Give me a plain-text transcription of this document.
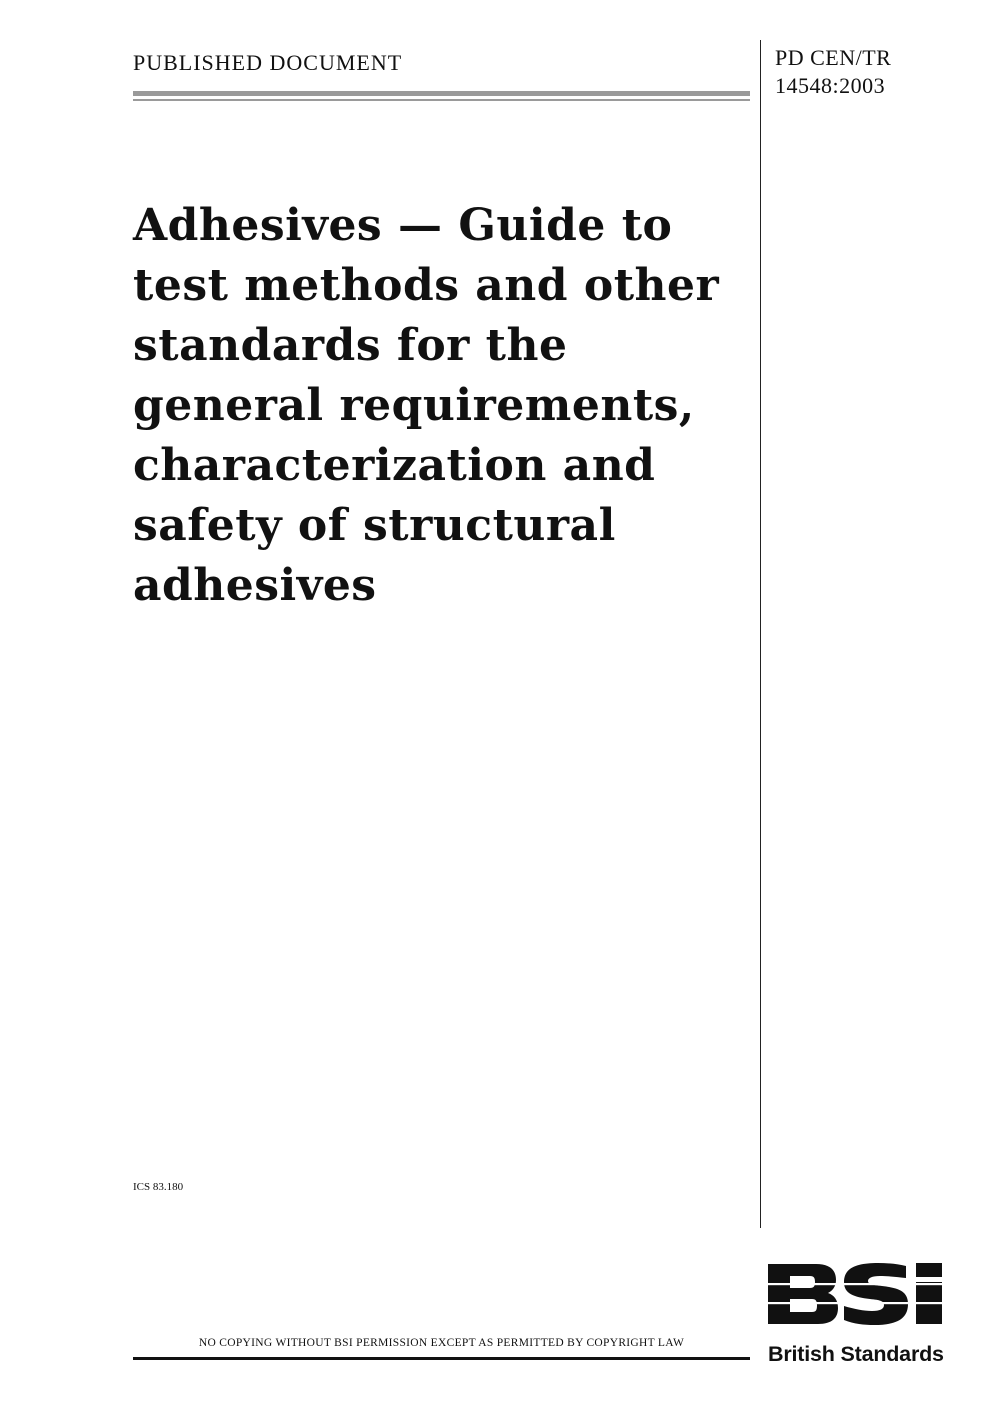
PUBLISHED DOCUMENT	PD CEN/TR
14548:2003
Adhesives — Guide to
test methods and other
standards for the
general requirements,
characterization and
safety of structural
adhesives
ICS 83.180
NO COPYING WITHOUT BSI PERMISSION EXCEPT AS PERMITTED BY COPYRIGHT LAW	British Standards
